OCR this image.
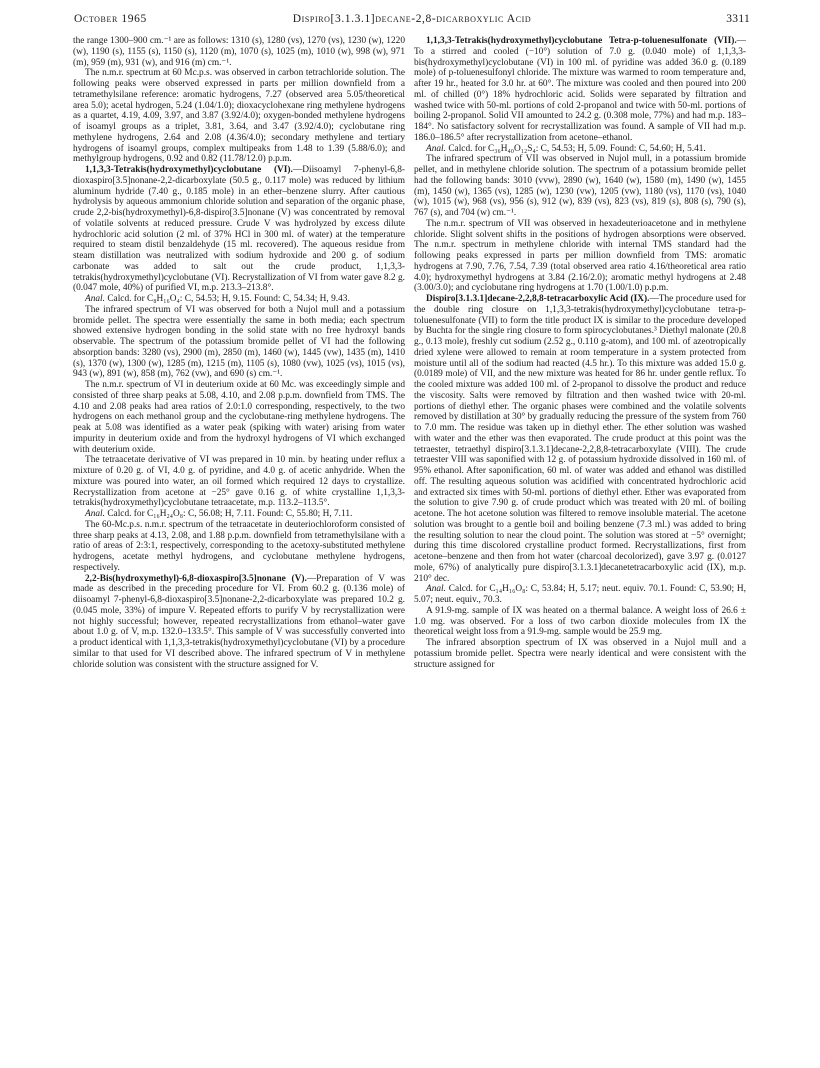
October 1965	Dispiro[3.1.3.1]decane-2,8-dicarboxylic Acid	3311

the range 1300–900 cm.⁻¹ are as follows: 1310 (s), 1280 (vs), 1270 (vs), 1230 (w), 1220 (w), 1190 (s), 1155 (s), 1150 (s), 1120 (m), 1070 (s), 1025 (m), 1010 (w), 998 (w), 971 (m), 959 (m), 931 (w), and 916 (m) cm.⁻¹.

The n.m.r. spectrum at 60 Mc.p.s. was observed in carbon tetrachloride solution. The following peaks were observed expressed in parts per million downfield from a tetramethylsilane reference: aromatic hydrogens, 7.27 (observed area 5.05/theoretical area 5.0); acetal hydrogen, 5.24 (1.04/1.0); dioxacyclohexane ring methylene hydrogens as a quartet, 4.19, 4.09, 3.97, and 3.87 (3.92/4.0); oxygen-bonded methylene hydrogens of isoamyl groups as a triplet, 3.81, 3.64, and 3.47 (3.92/4.0); cyclobutane ring methylene hydrogens, 2.64 and 2.08 (4.36/4.0); secondary methylene and tertiary hydrogens of isoamyl groups, complex multipeaks from 1.48 to 1.39 (5.88/6.0); and methylgroup hydrogens, 0.92 and 0.82 (11.78/12.0) p.p.m.

1,1,3,3-Tetrakis(hydroxymethyl)cyclobutane (VI).—Diisoamyl 7-phenyl-6,8-dioxaspiro[3.5]nonane-2,2-dicarboxylate (50.5 g., 0.117 mole) was reduced by lithium aluminum hydride (7.40 g., 0.185 mole) in an ether–benzene slurry. After cautious hydrolysis by aqueous ammonium chloride solution and separation of the organic phase, crude 2,2-bis(hydroxymethyl)-6,8-dispiro[3.5]nonane (V) was concentrated by removal of volatile solvents at reduced pressure. Crude V was hydrolyzed by excess dilute hydrochloric acid solution (2 ml. of 37% HCl in 300 ml. of water) at the temperature required to steam distil benzaldehyde (15 ml. recovered). The aqueous residue from steam distillation was neutralized with sodium hydroxide and 200 g. of sodium carbonate was added to salt out the crude product, 1,1,3,3-tetrakis(hydroxymethyl)cyclobutane (VI). Recrystallization of VI from water gave 8.2 g. (0.047 mole, 40%) of purified VI, m.p. 213.3–213.8°.

Anal. Calcd. for C₈H₁₆O₄: C, 54.53; H, 9.15. Found: C, 54.34; H, 9.43.

The infrared spectrum of VI was observed for both a Nujol mull and a potassium bromide pellet. The spectra were essentially the same in both media; each spectrum showed extensive hydrogen bonding in the solid state with no free hydroxyl bands observable. The spectrum of the potassium bromide pellet of VI had the following absorption bands: 3280 (vs), 2900 (m), 2850 (m), 1460 (w), 1445 (vw), 1435 (m), 1410 (s), 1370 (w), 1300 (w), 1285 (m), 1215 (m), 1105 (s), 1080 (vw), 1025 (vs), 1015 (vs), 943 (w), 891 (w), 858 (m), 762 (vw), and 690 (s) cm.⁻¹.

The n.m.r. spectrum of VI in deuterium oxide at 60 Mc. was exceedingly simple and consisted of three sharp peaks at 5.08, 4.10, and 2.08 p.p.m. downfield from TMS. The 4.10 and 2.08 peaks had area ratios of 2.0:1.0 corresponding, respectively, to the two hydrogens on each methanol group and the cyclobutane-ring methylene hydrogens. The peak at 5.08 was identified as a water peak (spiking with water) arising from water impurity in deuterium oxide and from the hydroxyl hydrogens of VI which exchanged with deuterium oxide.

The tetraacetate derivative of VI was prepared in 10 min. by heating under reflux a mixture of 0.20 g. of VI, 4.0 g. of pyridine, and 4.0 g. of acetic anhydride. When the mixture was poured into water, an oil formed which required 12 days to crystallize. Recrystallization from acetone at −25° gave 0.16 g. of white crystalline 1,1,3,3-tetrakis(hydroxymethyl)cyclobutane tetraacetate, m.p. 113.2–113.5°.

Anal. Calcd. for C₁₆H₂₄O₈: C, 56.08; H, 7.11. Found: C, 55.80; H, 7.11.

The 60-Mc.p.s. n.m.r. spectrum of the tetraacetate in deuteriochloroform consisted of three sharp peaks at 4.13, 2.08, and 1.88 p.p.m. downfield from tetramethylsilane with a ratio of areas of 2:3:1, respectively, corresponding to the acetoxy-substituted methylene hydrogens, acetate methyl hydrogens, and cyclobutane methylene hydrogens, respectively.

2,2-Bis(hydroxymethyl)-6,8-dioxaspiro[3.5]nonane (V).—Preparation of V was made as described in the preceding procedure for VI. From 60.2 g. (0.136 mole) of diisoamyl 7-phenyl-6,8-dioxaspiro[3.5]nonane-2,2-dicarboxylate was prepared 10.2 g. (0.045 mole, 33%) of impure V. Repeated efforts to purify V by recrystallization were not highly successful; however, repeated recrystallizations from ethanol–water gave about 1.0 g. of V, m.p. 132.0–133.5°. This sample of V was successfully converted into a product identical with 1,1,3,3-tetrakis(hydroxymethyl)cyclobutane (VI) by a procedure similar to that used for VI described above. The infrared spectrum of V in methylene chloride solution was consistent with the structure assigned for V.

1,1,3,3-Tetrakis(hydroxymethyl)cyclobutane Tetra-p-toluenesulfonate (VII).—To a stirred and cooled (−10°) solution of 7.0 g. (0.040 mole) of 1,1,3,3-bis(hydroxymethyl)cyclobutane (VI) in 100 ml. of pyridine was added 36.0 g. (0.189 mole) of p-toluenesulfonyl chloride. The mixture was warmed to room temperature and, after 19 hr., heated for 3.0 hr. at 60°. The mixture was cooled and then poured into 200 ml. of chilled (0°) 18% hydrochloric acid. Solids were separated by filtration and washed twice with 50-ml. portions of cold 2-propanol and twice with 50-ml. portions of boiling 2-propanol. Solid VII amounted to 24.2 g. (0.308 mole, 77%) and had m.p. 183–184°. No satisfactory solvent for recrystallization was found. A sample of VII had m.p. 186.0–186.5° after recrystallization from acetone–ethanol.

Anal. Calcd. for C₃₆H₄₀O₁₂S₄: C, 54.53; H, 5.09. Found: C, 54.60; H, 5.41.

The infrared spectrum of VII was observed in Nujol mull, in a potassium bromide pellet, and in methylene chloride solution. The spectrum of a potassium bromide pellet had the following bands: 3010 (vvw), 2890 (w), 1640 (w), 1580 (m), 1490 (w), 1455 (m), 1450 (w), 1365 (vs), 1285 (w), 1230 (vw), 1205 (vw), 1180 (vs), 1170 (vs), 1040 (w), 1015 (w), 968 (vs), 956 (s), 912 (w), 839 (vs), 823 (vs), 819 (s), 808 (s), 790 (s), 767 (s), and 704 (w) cm.⁻¹.

The n.m.r. spectrum of VII was observed in hexadeuterioacetone and in methylene chloride. Slight solvent shifts in the positions of hydrogen absorptions were observed. The n.m.r. spectrum in methylene chloride with internal TMS standard had the following peaks expressed in parts per million downfield from TMS: aromatic hydrogens at 7.90, 7.76, 7.54, 7.39 (total observed area ratio 4.16/theoretical area ratio 4.0); hydroxymethyl hydrogens at 3.84 (2.16/2.0); aromatic methyl hydrogens at 2.48 (3.00/3.0); and cyclobutane ring hydrogens at 1.70 (1.00/1.0) p.p.m.

Dispiro[3.1.3.1]decane-2,2,8,8-tetracarboxylic Acid (IX).—The procedure used for the double ring closure on 1,1,3,3-tetrakis(hydroxymethyl)cyclobutane tetra-p-toluenesulfonate (VII) to form the title product IX is similar to the procedure developed by Buchta for the single ring closure to form spirocyclobutanes.³ Diethyl malonate (20.8 g., 0.13 mole), freshly cut sodium (2.52 g., 0.110 g-atom), and 100 ml. of azeotropically dried xylene were allowed to remain at room temperature in a system protected from moisture until all of the sodium had reacted (4.5 hr.). To this mixture was added 15.0 g. (0.0189 mole) of VII, and the new mixture was heated for 86 hr. under gentle reflux. To the cooled mixture was added 100 ml. of 2-propanol to dissolve the product and reduce the viscosity. Salts were removed by filtration and then washed twice with 20-ml. portions of diethyl ether. The organic phases were combined and the volatile solvents removed by distillation at 30° by gradually reducing the pressure of the system from 760 to 7.0 mm. The residue was taken up in diethyl ether. The ether solution was washed with water and the ether was then evaporated. The crude product at this point was the tetraester, tetraethyl dispiro[3.1.3.1]decane-2,2,8,8-tetracarboxylate (VIII). The crude tetraester VIII was saponified with 12 g. of potassium hydroxide dissolved in 160 ml. of 95% ethanol. After saponification, 60 ml. of water was added and ethanol was distilled off. The resulting aqueous solution was acidified with concentrated hydrochloric acid and extracted six times with 50-ml. portions of diethyl ether. Ether was evaporated from the solution to give 7.90 g. of crude product which was treated with 20 ml. of boiling acetone. The hot acetone solution was filtered to remove insoluble material. The acetone solution was brought to a gentle boil and boiling benzene (7.3 ml.) was added to bring the resulting solution to near the cloud point. The solution was stored at −5° overnight; during this time discolored crystalline product formed. Recrystallizations, first from acetone–benzene and then from hot water (charcoal decolorized), gave 3.97 g. (0.0127 mole, 67%) of analytically pure dispiro[3.1.3.1]decanetetracarboxylic acid (IX), m.p. 210° dec.

Anal. Calcd. for C₁₄H₁₆O₈: C, 53.84; H, 5.17; neut. equiv. 70.1. Found: C, 53.90; H, 5.07; neut. equiv., 70.3.

A 91.9-mg. sample of IX was heated on a thermal balance. A weight loss of 26.6 ± 1.0 mg. was observed. For a loss of two carbon dioxide molecules from IX the theoretical weight loss from a 91.9-mg. sample would be 25.9 mg.

The infrared absorption spectrum of IX was observed in a Nujol mull and a potassium bromide pellet. Spectra were nearly identical and were consistent with the structure assigned for
